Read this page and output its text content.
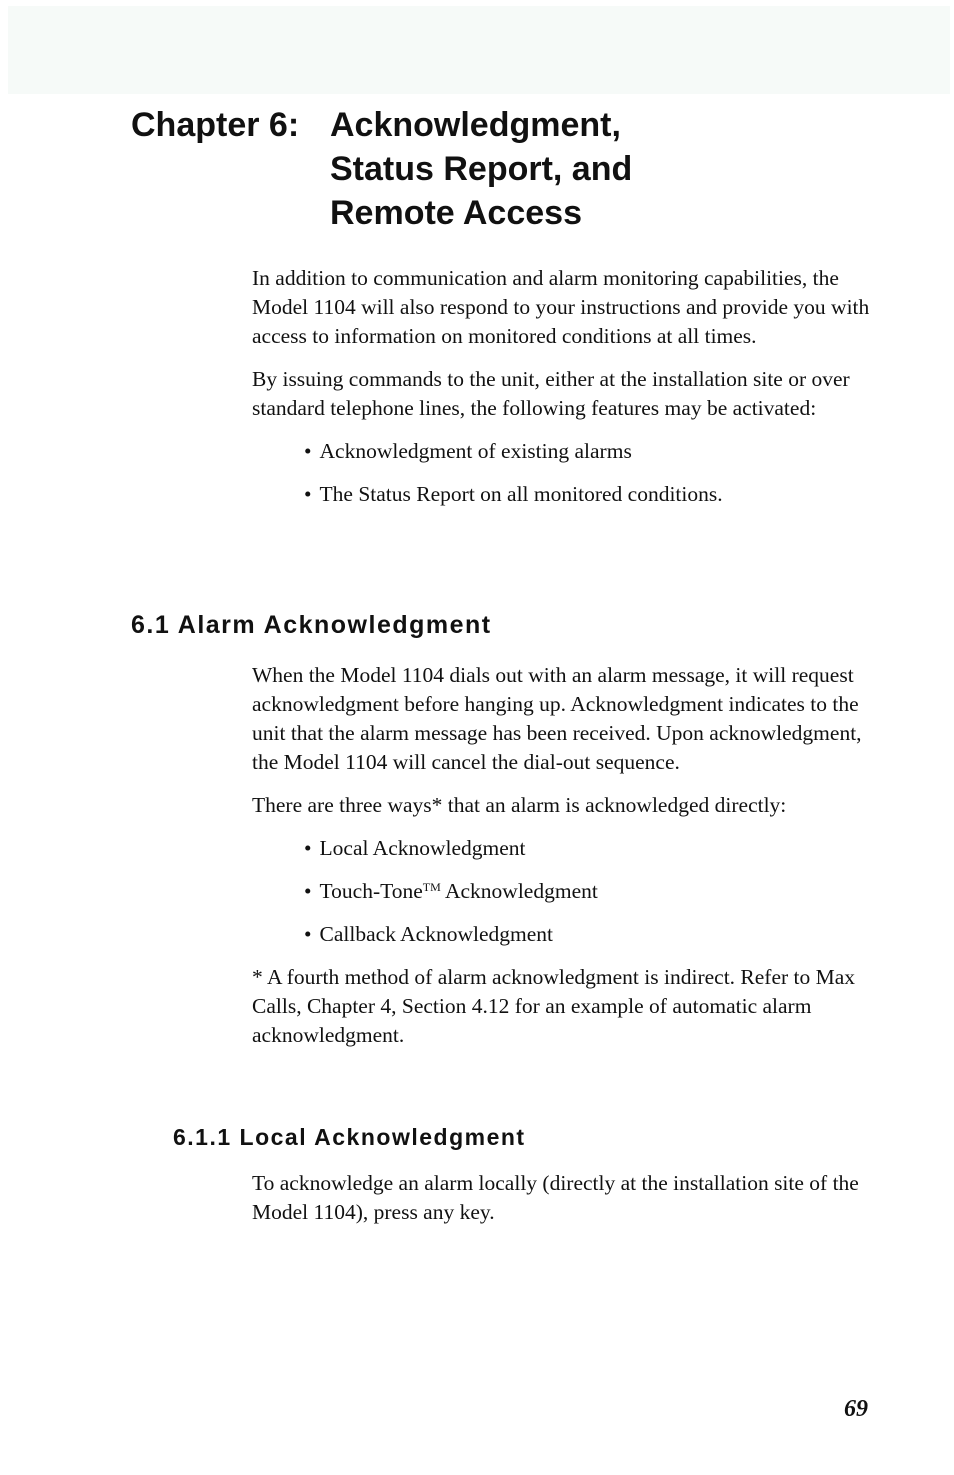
Chapter 6: Acknowledgment,
Status Report, and
Remote Access

In addition to communication and alarm monitoring capabilities, the Model 1104 will also respond to your instructions and provide you with access to information on monitored conditions at all times.

By issuing commands to the unit, either at the installation site or over standard telephone lines, the following features may be activated:

• Acknowledgment of existing alarms
• The Status Report on all monitored conditions.
6.1 Alarm Acknowledgment

When the Model 1104 dials out with an alarm message, it will request acknowledgment before hanging up. Acknowledgment indicates to the unit that the alarm message has been received. Upon acknowledgment, the Model 1104 will cancel the dial-out sequence.

There are three ways* that an alarm is acknowledged directly:

• Local Acknowledgment
• Touch-Tone™ Acknowledgment
• Callback Acknowledgment

* A fourth method of alarm acknowledgment is indirect. Refer to Max Calls, Chapter 4, Section 4.12 for an example of automatic alarm acknowledgment.

6.1.1 Local Acknowledgment

To acknowledge an alarm locally (directly at the installation site of the Model 1104), press any key.

69
